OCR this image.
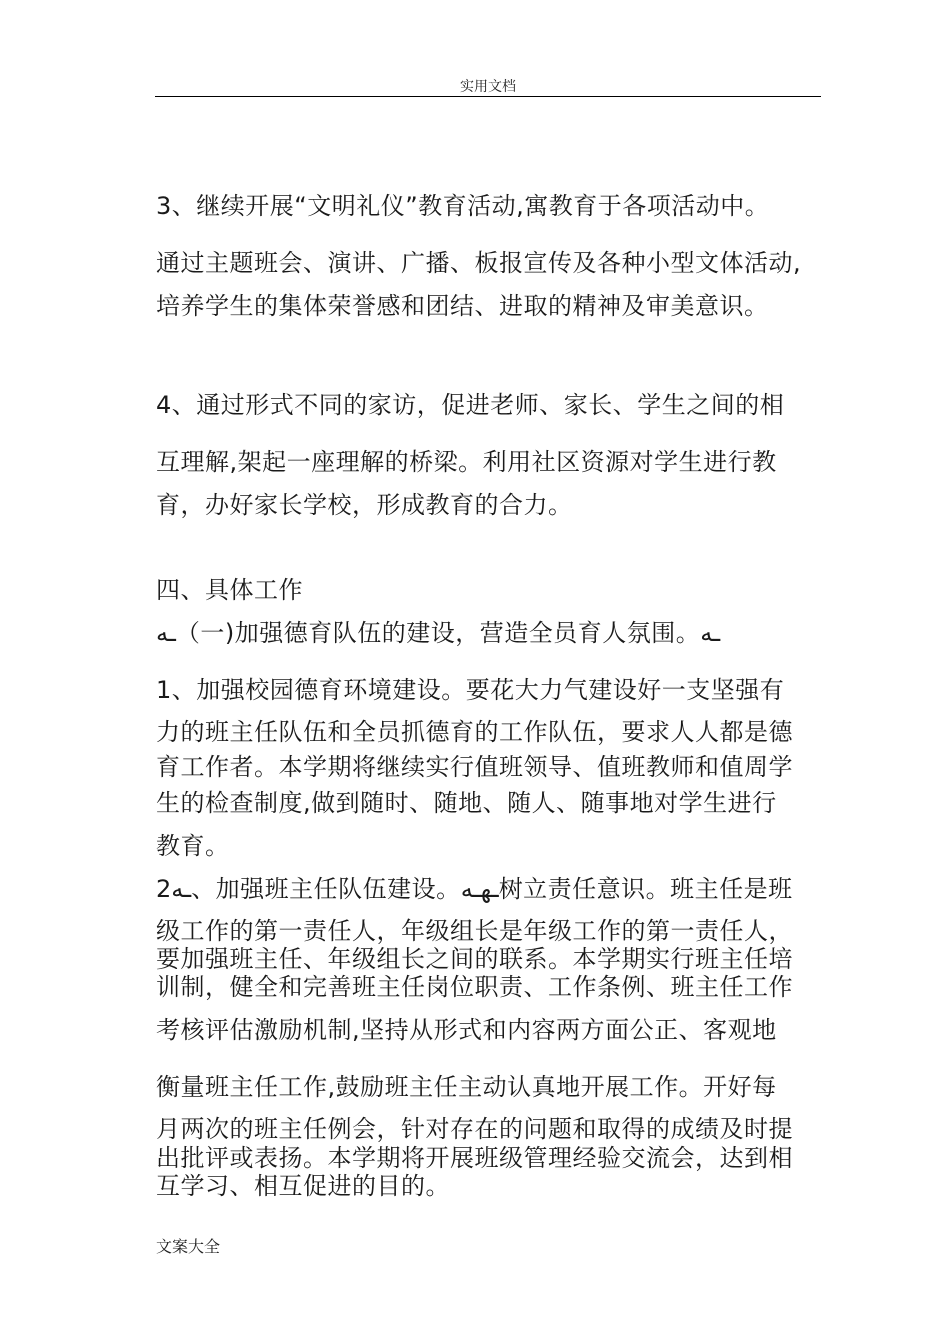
实用文档
3、继续开展“文明礼仪”教育活动,寓教育于各项活动中。
通过主题班会、演讲、广播、板报宣传及各种小型文体活动,
培养学生的集体荣誉感和团结、进取的精神及审美意识。
4、通过形式不同的家访，促进老师、家长、学生之间的相
互理解,架起一座理解的桥梁。利用社区资源对学生进行教
育，办好家长学校，形成教育的合力。
四、具体工作
ـه（一)加强德育队伍的建设，营造全员育人氛围。ـه
1、加强校园德育环境建设。要花大力气建设好一支坚强有
力的班主任队伍和全员抓德育的工作队伍，要求人人都是德
育工作者。本学期将继续实行值班领导、值班教师和值周学
生的检查制度,做到随时、随地、随人、随事地对学生进行
教育。
2ـه、加强班主任队伍建设。ـهـه树立责任意识。班主任是班
级工作的第一责任人，年级组长是年级工作的第一责任人，
要加强班主任、年级组长之间的联系。本学期实行班主任培
训制，健全和完善班主任岗位职责、工作条例、班主任工作
考核评估激励机制,坚持从形式和内容两方面公正、客观地
衡量班主任工作,鼓励班主任主动认真地开展工作。开好每
月两次的班主任例会，针对存在的问题和取得的成绩及时提
出批评或表扬。本学期将开展班级管理经验交流会，达到相
互学习、相互促进的目的。
文案大全
